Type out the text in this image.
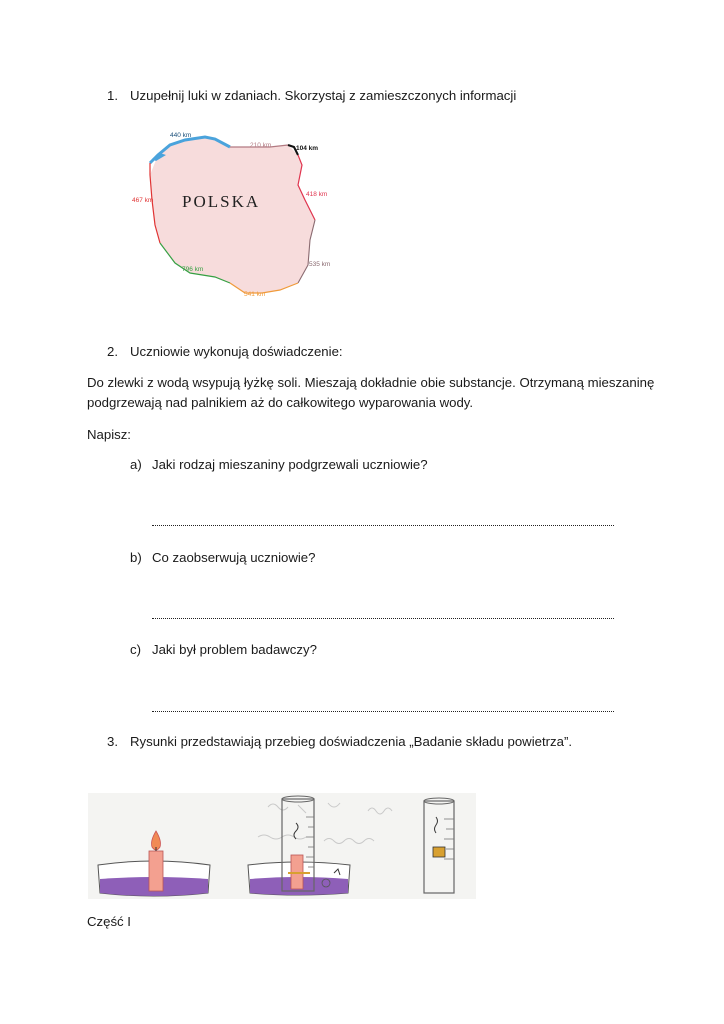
1. Uzupełnij luki w zdaniach. Skorzystaj z zamieszczonych informacji
POLSKA
440 km
210 km	104 km
418 km
535 km
541 km
796 km
467 km
2. Uczniowie wykonują doświadczenie:
Do zlewki z wodą wsypują łyżkę soli. Mieszają dokładnie obie substancje. Otrzymaną mieszaninę
podgrzewają nad palnikiem aż do całkowitego wyparowania wody.
Napisz:
a) Jaki rodzaj mieszaniny podgrzewali uczniowie?
b) Co zaobserwują uczniowie?
c) Jaki był problem badawczy?
3. Rysunki przedstawiają przebieg doświadczenia „Badanie składu powietrza”.
Część I
